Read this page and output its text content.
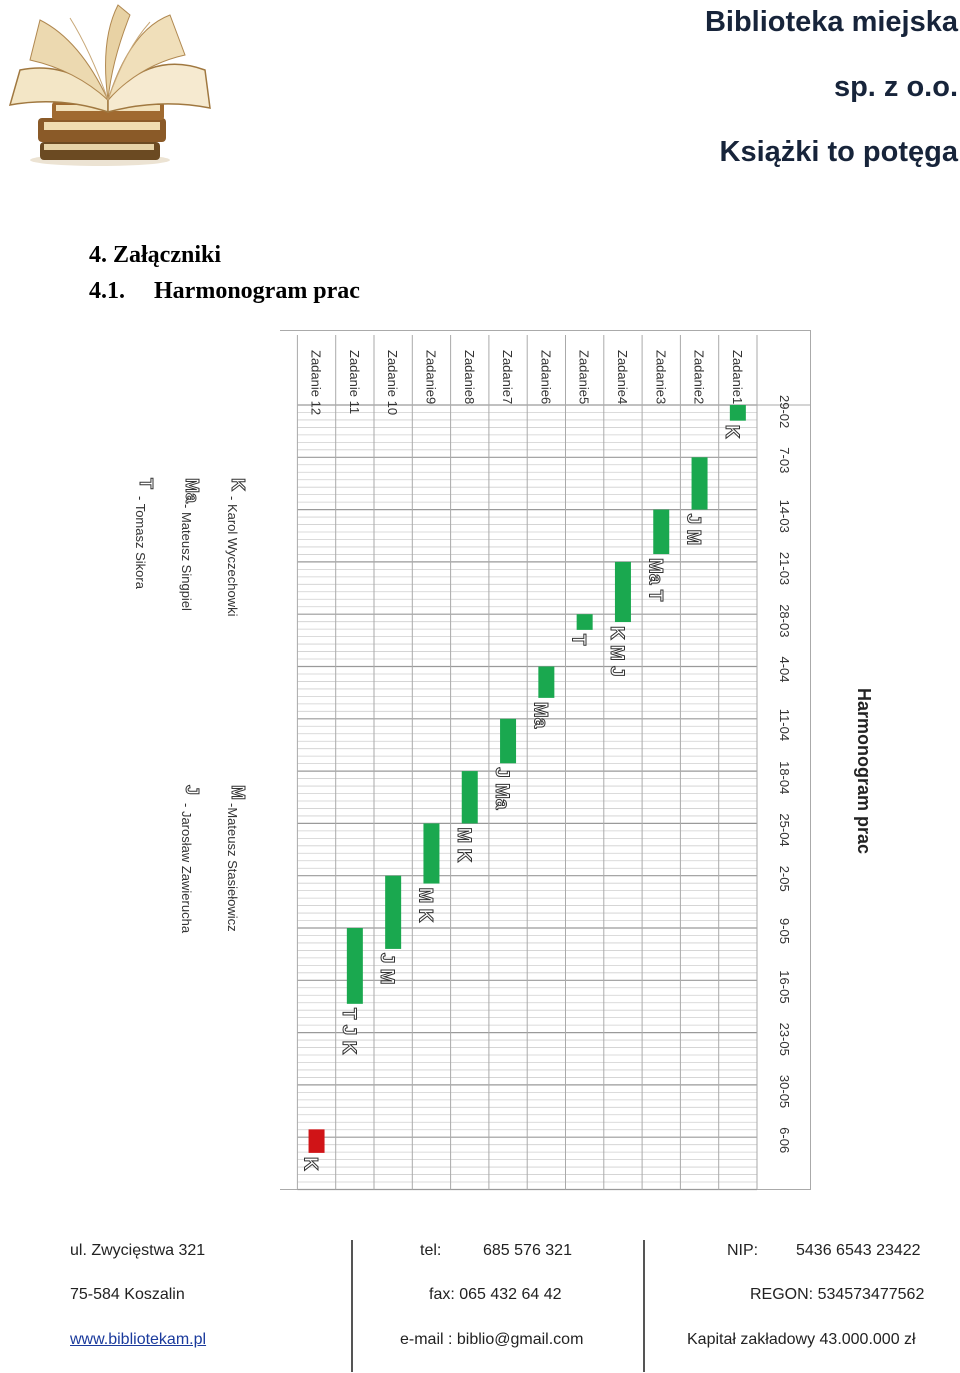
Biblioteka miejska
sp. z o.o.
Książki to potęga
4. Załączniki
4.1. Harmonogram prac
Zadanie1
Zadanie2
Zadanie3
Zadanie4
Zadanie5
Zadanie6
Zadanie7
Zadanie8
Zadanie9
Zadanie 10
Zadanie 11
Zadanie 12	29-02
7-03
14-03
21-03
28-03
4-04
11-04
18-04
25-04
2-05
9-05
16-05
23-05
30-05
6-06
K
J M
Ma T
K M J
T
Ma
J Ma
M K
M K
J M
T J K
K
Harmonogram prac
K
- Karol Wyczechowki
Ma
- Mateusz Singpiel
T
- Tomasz Sikora
M
-Mateusz Stasiełowicz
J
- Jarosław Zawierucha
ul. Zwycięstwa 321
75-584 Koszalin
www.bibliotekam.pl
tel:	685 576 321
fax: 065 432 64 42
e-mail : biblio@gmail.com
NIP: 5436 6543 23422
REGON: 534573477562
Kapitał zakładowy 43.000.000 zł
